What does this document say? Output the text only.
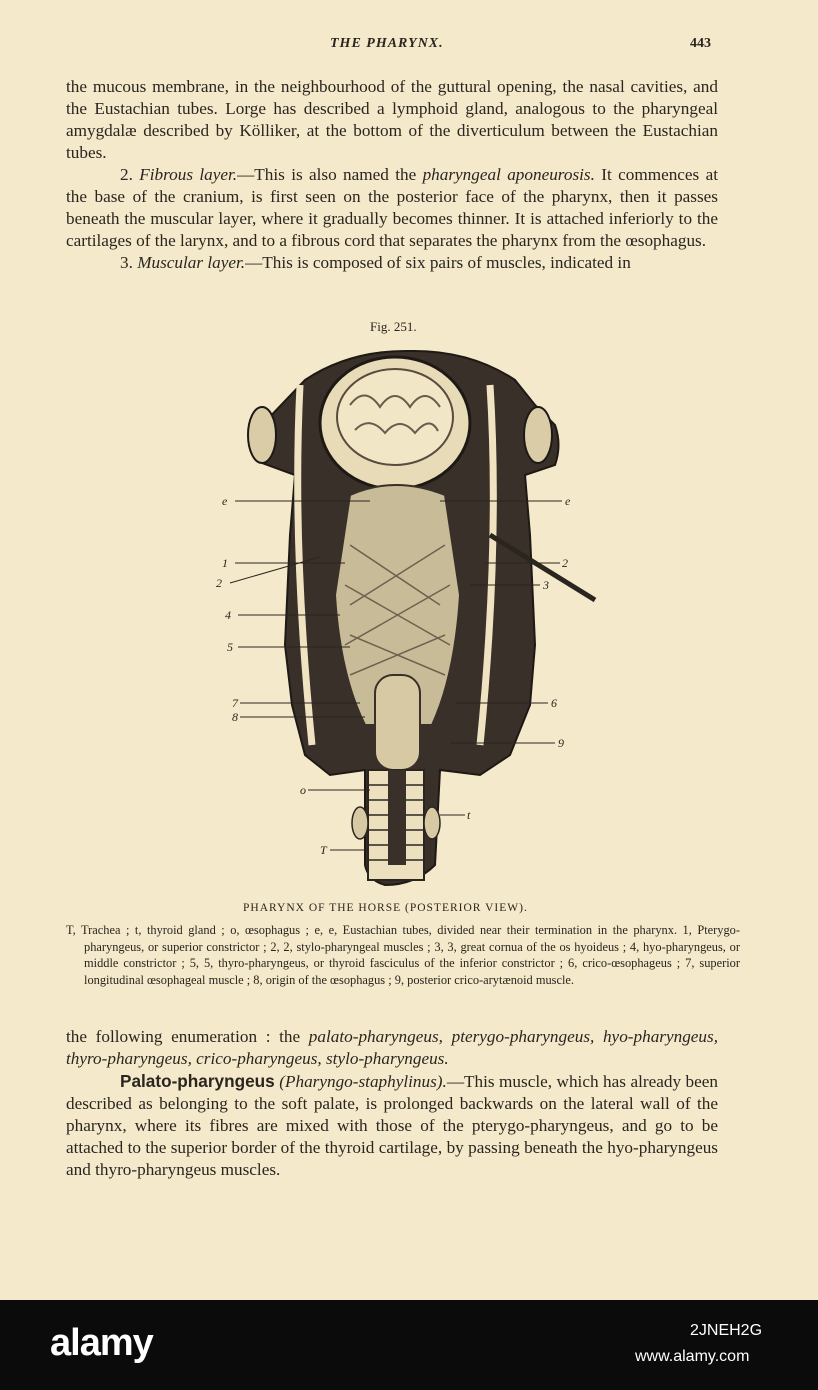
THE PHARYNX.	443

the mucous membrane, in the neighbourhood of the guttural opening, the nasal cavities, and the Eustachian tubes. Lorge has described a lymphoid gland, analogous to the pharyngeal amygdalæ described by Kölliker, at the bottom of the diverticulum between the Eustachian tubes.

2. Fibrous layer.—This is also named the pharyngeal aponeurosis. It commences at the base of the cranium, is first seen on the posterior face of the pharynx, then it passes beneath the muscular layer, where it gradually becomes thinner. It is attached inferiorly to the cartilages of the larynx, and to a fibrous cord that separates the pharynx from the œsophagus.

3. Muscular layer.—This is composed of six pairs of muscles, indicated in

Fig. 251.
e	e
1
2
2
3
4
5
6
7
8
9
o
t
T
PHARYNX OF THE HORSE (POSTERIOR VIEW).

T, Trachea ; t, thyroid gland ; o, œsophagus ; e, e, Eustachian tubes, divided near their termination in the pharynx. 1, Pterygo-pharyngeus, or superior constrictor ; 2, 2, stylo-pharyngeal muscles ; 3, 3, great cornua of the os hyoideus ; 4, hyo-pharyngeus, or middle constrictor ; 5, 5, thyro-pharyngeus, or thyroid fasciculus of the inferior constrictor ; 6, crico-œsophageus ; 7, superior longitudinal œsophageal muscle ; 8, origin of the œsophagus ; 9, posterior crico-arytænoid muscle.

the following enumeration : the palato-pharyngeus, pterygo-pharyngeus, hyo-pharyngeus, thyro-pharyngeus, crico-pharyngeus, stylo-pharyngeus.

Palato-pharyngeus (Pharyngo-staphylinus).—This muscle, which has already been described as belonging to the soft palate, is prolonged backwards on the lateral wall of the pharynx, where its fibres are mixed with those of the pterygo-pharyngeus, and go to be attached to the superior border of the thyroid cartilage, by passing beneath the hyo-pharyngeus and thyro-pharyngeus muscles.

alamy	2JNEH2G
www.alamy.com
